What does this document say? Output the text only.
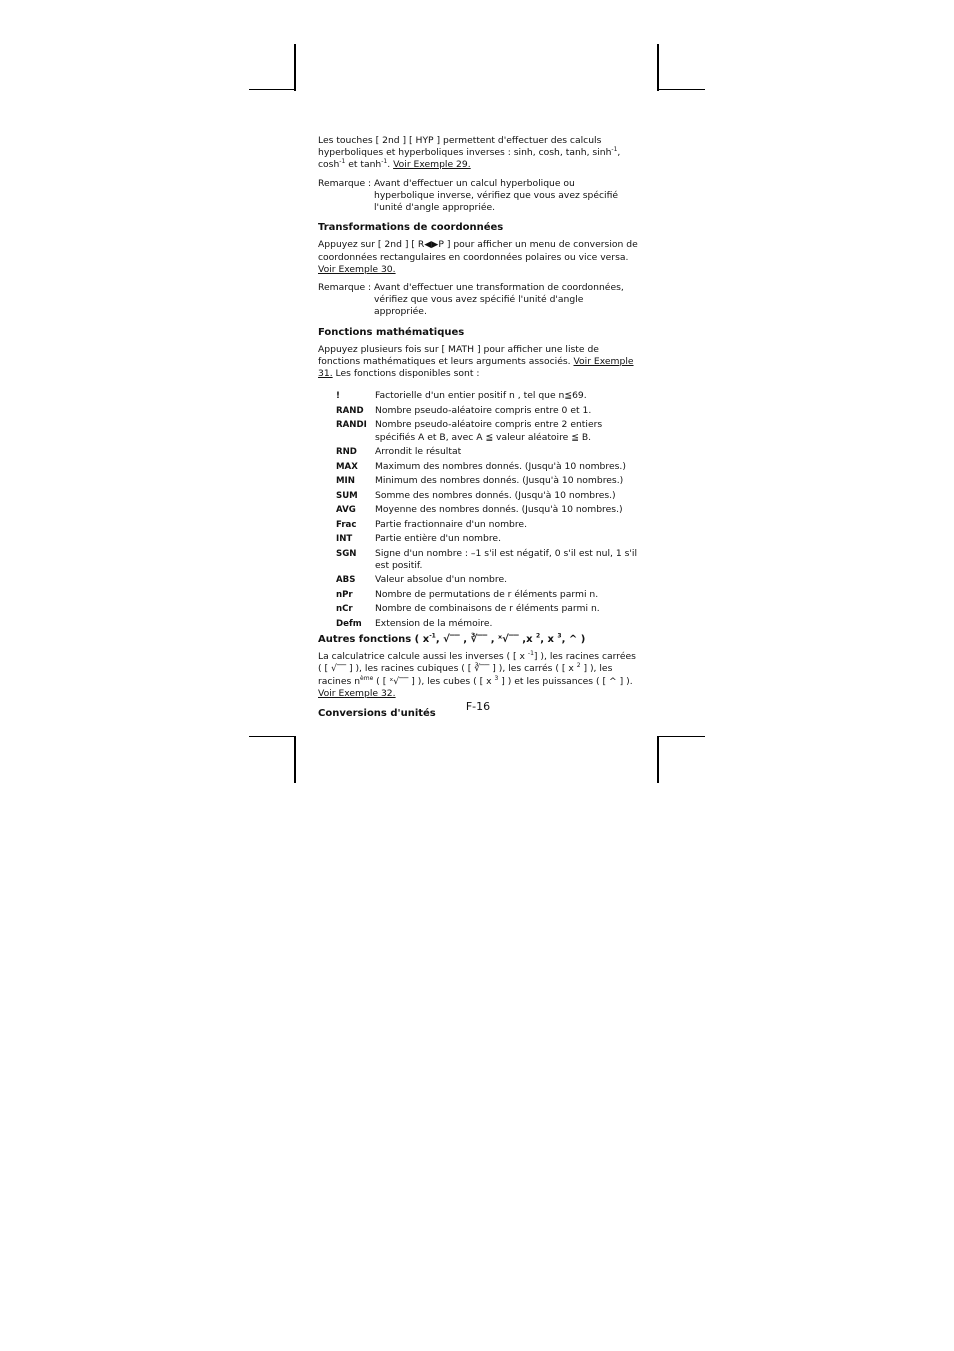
Les touches [ 2nd ] [ HYP ] permettent d'effectuer des calculs hyperboliques et hyperboliques inverses : sinh, cosh, tanh, $\sinh^{-1}$, $\cosh^{-1}$ et $\tanh^{-1}$. Voir Exemple 29.

Remarque : Avant d'effectuer un calcul hyperbolique ou hyperbolique inverse, vérifiez que vous avez spécifié l'unité d'angle appropriée.
Transformations de coordonnées

Appuyez sur [ 2nd ] [ R◀▶P ] pour afficher un menu de conversion de coordonnées rectangulaires en coordonnées polaires ou vice versa. Voir Exemple 30.

Remarque : Avant d'effectuer une transformation de coordonnées, vérifiez que vous avez spécifié l'unité d'angle appropriée.
Fonctions mathématiques

Appuyez plusieurs fois sur [ MATH ] pour afficher une liste de fonctions mathématiques et leurs arguments associés. Voir Exemple 31. Les fonctions disponibles sont :

!	Factorielle d'un entier positif n , tel que n≦69.
RAND	Nombre pseudo-aléatoire compris entre 0 et 1.
RANDI Nombre pseudo-aléatoire compris entre 2 entiers spécifiés A et B, avec A ≦ valeur aléatoire ≦ B.
RND	Arrondit le résultat
MAX	Maximum des nombres donnés. (Jusqu'à 10 nombres.)
MIN	Minimum des nombres donnés. (Jusqu'à 10 nombres.)
SUM	Somme des nombres donnés. (Jusqu'à 10 nombres.)
AVG	Moyenne des nombres donnés. (Jusqu'à 10 nombres.)
Frac	Partie fractionnaire d'un nombre.
INT	Partie entière d'un nombre.
SGN	Signe d'un nombre : –1 s'il est négatif, 0 s'il est nul, 1 s'il est positif.
ABS	Valeur absolue d'un nombre.
nPr	Nombre de permutations de r éléments parmi n.
nCr	Nombre de combinaisons de r éléments parmi n.
Defm	Extension de la mémoire.
Autres fonctions ( $x^{-1}$, √‾‾ , ∛‾‾ , ˣ√‾‾ ,x $^2$, x $^3$, ^ )

La calculatrice calcule aussi les inverses ( [ x $^{-1}$] ), les racines carrées ( [ √‾‾ ] ), les racines cubiques ( [ ∛‾‾ ] ), les carrés ( [ x $^2$ ] ), les racines $n^{ème}$ ( [ ˣ√‾‾ ] ), les cubes ( [ x $^3$ ] ) et les puissances ( [ ^ ] ). Voir Exemple 32.

Conversions d'unités
F-16
